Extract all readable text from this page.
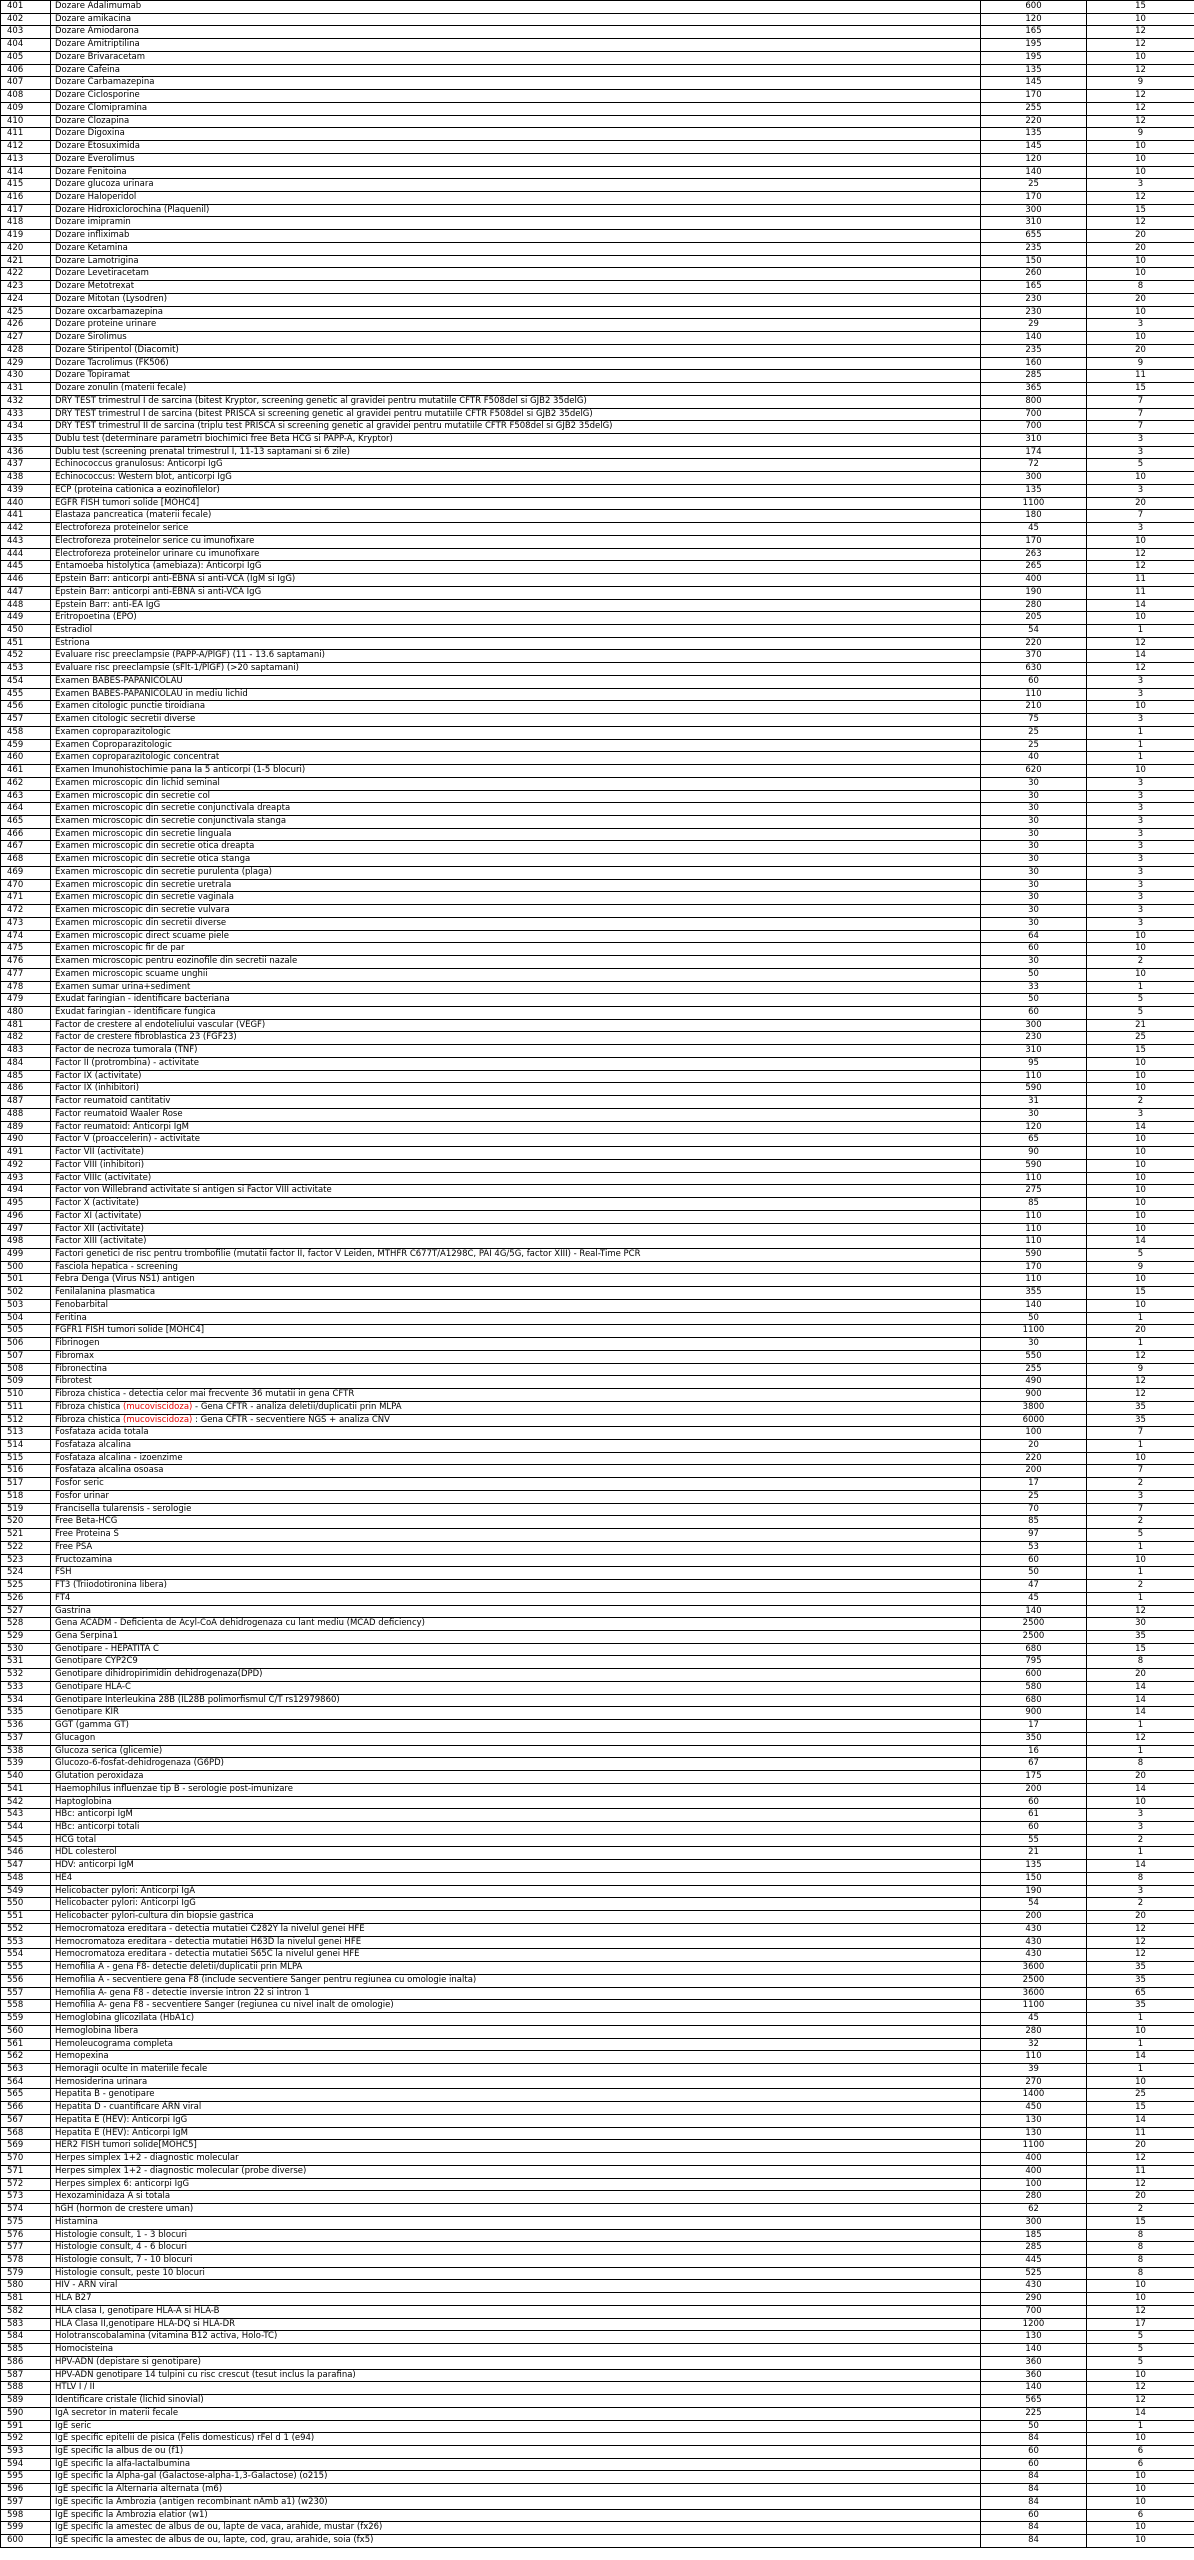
401	Dozare Adalimumab	600	15
402	Dozare amikacina	120	10
403	Dozare Amiodarona	165	12
404	Dozare Amitriptilina	195	12
405	Dozare Brivaracetam	195	10
406	Dozare Cafeina	135	12
407	Dozare Carbamazepina	145	9
408	Dozare Ciclosporine	170	12
409	Dozare Clomipramina	255	12
410	Dozare Clozapina	220	12
411	Dozare Digoxina	135	9
412	Dozare Etosuximida	145	10
413	Dozare Everolimus	120	10
414	Dozare Fenitoina	140	10
415	Dozare glucoza urinara	25	3
416	Dozare Haloperidol	170	12
417	Dozare Hidroxiclorochina (Plaquenil)	300	15
418	Dozare imipramin	310	12
419	Dozare infliximab	655	20
420	Dozare Ketamina	235	20
421	Dozare Lamotrigina	150	10
422	Dozare Levetiracetam	260	10
423	Dozare Metotrexat	165	8
424	Dozare Mitotan (Lysodren)	230	20
425	Dozare oxcarbamazepina	230	10
426	Dozare proteine urinare	29	3
427	Dozare Sirolimus	140	10
428	Dozare Stiripentol (Diacomit)	235	20
429	Dozare Tacrolimus (FK506)	160	9
430	Dozare Topiramat	285	11
431	Dozare zonulin (materii fecale)	365	15
432	DRY TEST trimestrul I de sarcina (bitest Kryptor, screening genetic al gravidei pentru mutatiile CFTR F508del si GJB2 35delG)	800	7
433	DRY TEST trimestrul I de sarcina (bitest PRISCA si screening genetic al gravidei pentru mutatiile CFTR F508del si GJB2 35delG)	700	7
434	DRY TEST trimestrul II de sarcina (triplu test PRISCA si screening genetic al gravidei pentru mutatiile CFTR F508del si GJB2 35delG)	700	7
435	Dublu test (determinare parametri biochimici free Beta HCG si PAPP-A, Kryptor)	310	3
436	Dublu test (screening prenatal trimestrul I, 11-13 saptamani si 6 zile)	174	3
437	Echinococcus granulosus: Anticorpi IgG	72	5
438	Echinococcus: Western blot, anticorpi IgG	300	10
439	ECP (proteina cationica a eozinofilelor)	135	3
440	EGFR FISH tumori solide [MOHC4]	1100	20
441	Elastaza pancreatica (materii fecale)	180	7
442	Electroforeza proteinelor serice	45	3
443	Electroforeza proteinelor serice cu imunofixare	170	10
444	Electroforeza proteinelor urinare cu imunofixare	263	12
445	Entamoeba histolytica (amebiaza): Anticorpi IgG	265	12
446	Epstein Barr: anticorpi anti-EBNA si anti-VCA (IgM si IgG)	400	11
447	Epstein Barr: anticorpi anti-EBNA si anti-VCA IgG	190	11
448	Epstein Barr: anti-EA IgG	280	14
449	Eritropoetina (EPO)	205	10
450	Estradiol	54	1
451	Estriona	220	12
452	Evaluare risc preeclampsie (PAPP-A/PlGF) (11 - 13.6 saptamani)	370	14
453	Evaluare risc preeclampsie (sFlt-1/PlGF) (>20 saptamani)	630	12
454	Examen BABES-PAPANICOLAU	60	3
455	Examen BABES-PAPANICOLAU in mediu lichid	110	3
456	Examen citologic punctie tiroidiana	210	10
457	Examen citologic secretii diverse	75	3
458	Examen coproparazitologic	25	1
459	Examen Coproparazitologic	25	1
460	Examen coproparazitologic concentrat	40	1
461	Examen Imunohistochimie pana la 5 anticorpi (1-5 blocuri)	620	10
462	Examen microscopic din lichid seminal	30	3
463	Examen microscopic din secretie col	30	3
464	Examen microscopic din secretie conjunctivala dreapta	30	3
465	Examen microscopic din secretie conjunctivala stanga	30	3
466	Examen microscopic din secretie linguala	30	3
467	Examen microscopic din secretie otica dreapta	30	3
468	Examen microscopic din secretie otica stanga	30	3
469	Examen microscopic din secretie purulenta (plaga)	30	3
470	Examen microscopic din secretie uretrala	30	3
471	Examen microscopic din secretie vaginala	30	3
472	Examen microscopic din secretie vulvara	30	3
473	Examen microscopic din secretii diverse	30	3
474	Examen microscopic direct scuame piele	64	10
475	Examen microscopic fir de par	60	10
476	Examen microscopic pentru eozinofile din secretii nazale	30	2
477	Examen microscopic scuame unghii	50	10
478	Examen sumar urina+sediment	33	1
479	Exudat faringian - identificare bacteriana	50	5
480	Exudat faringian - identificare fungica	60	5
481	Factor de crestere al endoteliului vascular (VEGF)	300	21
482	Factor de crestere fibroblastica 23 (FGF23)	230	25
483	Factor de necroza tumorala (TNF)	310	15
484	Factor II (protrombina) - activitate	95	10
485	Factor IX (activitate)	110	10
486	Factor IX (inhibitori)	590	10
487	Factor reumatoid cantitativ	31	2
488	Factor reumatoid Waaler Rose	30	3
489	Factor reumatoid: Anticorpi IgM	120	14
490	Factor V (proaccelerin) - activitate	65	10
491	Factor VII (activitate)	90	10
492	Factor VIII (inhibitori)	590	10
493	Factor VIIIc (activitate)	110	10
494	Factor von Willebrand activitate si antigen si Factor VIII activitate	275	10
495	Factor X (activitate)	85	10
496	Factor XI (activitate)	110	10
497	Factor XII (activitate)	110	10
498	Factor XIII (activitate)	110	14
499	Factori genetici de risc pentru trombofilie (mutatii factor II, factor V Leiden, MTHFR C677T/A1298C, PAI 4G/5G, factor XIII) - Real-Time PCR	590	5
500	Fasciola hepatica - screening	170	9
501	Febra Denga (Virus NS1) antigen	110	10
502	Fenilalanina plasmatica	355	15
503	Fenobarbital	140	10
504	Feritina	50	1
505	FGFR1 FISH tumori solide [MOHC4]	1100	20
506	Fibrinogen	30	1
507	Fibromax	550	12
508	Fibronectina	255	9
509	Fibrotest	490	12
510	Fibroza chistica - detectia celor mai frecvente 36 mutatii in gena CFTR	900	12
511	Fibroza chistica (mucoviscidoza) - Gena CFTR - analiza deletii/duplicatii prin MLPA	3800	35
512	Fibroza chistica (mucoviscidoza) : Gena CFTR - secventiere NGS + analiza CNV	6000	35
513	Fosfataza acida totala	100	7
514	Fosfataza alcalina	20	1
515	Fosfataza alcalina - izoenzime	220	10
516	Fosfataza alcalina osoasa	200	7
517	Fosfor seric	17	2
518	Fosfor urinar	25	3
519	Francisella tularensis - serologie	70	7
520	Free Beta-HCG	85	2
521	Free Proteina S	97	5
522	Free PSA	53	1
523	Fructozamina	60	10
524	FSH	50	1
525	FT3 (Triiodotironina libera)	47	2
526	FT4	45	1
527	Gastrina	140	12
528	Gena ACADM - Deficienta de Acyl-CoA dehidrogenaza cu lant mediu (MCAD deficiency)	2500	30
529	Gena Serpina1	2500	35
530	Genotipare - HEPATITA C	680	15
531	Genotipare CYP2C9	795	8
532	Genotipare dihidropirimidin dehidrogenaza(DPD)	600	20
533	Genotipare HLA-C	580	14
534	Genotipare Interleukina 28B (IL28B polimorfismul C/T rs12979860)	680	14
535	Genotipare KIR	900	14
536	GGT (gamma GT)	17	1
537	Glucagon	350	12
538	Glucoza serica (glicemie)	16	1
539	Glucozo-6-fosfat-dehidrogenaza (G6PD)	67	8
540	Glutation peroxidaza	175	20
541	Haemophilus influenzae tip B - serologie post-imunizare	200	14
542	Haptoglobina	60	10
543	HBc: anticorpi IgM	61	3
544	HBc: anticorpi totali	60	3
545	HCG total	55	2
546	HDL colesterol	21	1
547	HDV: anticorpi IgM	135	14
548	HE4	150	8
549	Helicobacter pylori: Anticorpi IgA	190	3
550	Helicobacter pylori: Anticorpi IgG	54	2
551	Helicobacter pylori-cultura din biopsie gastrica	200	20
552	Hemocromatoza ereditara - detectia mutatiei C282Y la nivelul genei HFE	430	12
553	Hemocromatoza ereditara - detectia mutatiei H63D la nivelul genei HFE	430	12
554	Hemocromatoza ereditara - detectia mutatiei S65C la nivelul genei HFE	430	12
555	Hemofilia A - gena F8- detectie deletii/duplicatii prin MLPA	3600	35
556	Hemofilia A - secventiere gena F8 (include secventiere Sanger pentru regiunea cu omologie inalta)	2500	35
557	Hemofilia A- gena F8 - detectie inversie intron 22 si intron 1	3600	65
558	Hemofilia A- gena F8 - secventiere Sanger (regiunea cu nivel inalt de omologie)	1100	35
559	Hemoglobina glicozilata (HbA1c)	45	1
560	Hemoglobina libera	280	10
561	Hemoleucograma completa	32	1
562	Hemopexina	110	14
563	Hemoragii oculte in materiile fecale	39	1
564	Hemosiderina urinara	270	10
565	Hepatita B - genotipare	1400	25
566	Hepatita D - cuantificare ARN viral	450	15
567	Hepatita E (HEV): Anticorpi IgG	130	14
568	Hepatita E (HEV): Anticorpi IgM	130	11
569	HER2 FISH tumori solide[MOHC5]	1100	20
570	Herpes simplex 1+2 - diagnostic molecular	400	12
571	Herpes simplex 1+2 - diagnostic molecular (probe diverse)	400	11
572	Herpes simplex 6: anticorpi IgG	100	12
573	Hexozaminidaza A si totala	280	20
574	hGH (hormon de crestere uman)	62	2
575	Histamina	300	15
576	Histologie consult, 1 - 3 blocuri	185	8
577	Histologie consult, 4 - 6 blocuri	285	8
578	Histologie consult, 7 - 10 blocuri	445	8
579	Histologie consult, peste 10 blocuri	525	8
580	HIV - ARN viral	430	10
581	HLA B27	290	10
582	HLA clasa I, genotipare HLA-A si HLA-B	700	12
583	HLA Clasa II,genotipare HLA-DQ si HLA-DR	1200	17
584	Holotranscobalamina (vitamina B12 activa, Holo-TC)	130	5
585	Homocisteina	140	5
586	HPV-ADN (depistare si genotipare)	360	5
587	HPV-ADN genotipare 14 tulpini cu risc crescut (tesut inclus la parafina)	360	10
588	HTLV I / II	140	12
589	Identificare cristale (lichid sinovial)	565	12
590	IgA secretor in materii fecale	225	14
591	IgE seric	50	1
592	IgE specific epitelii de pisica (Felis domesticus) rFel d 1 (e94)	84	10
593	IgE specific la albus de ou (f1)	60	6
594	IgE specific la alfa-lactalbumina	60	6
595	IgE specific la Alpha-gal (Galactose-alpha-1,3-Galactose) (o215)	84	10
596	IgE specific la Alternaria alternata (m6)	84	10
597	IgE specific la Ambrozia (antigen recombinant nAmb a1) (w230)	84	10
598	IgE specific la Ambrozia elatior (w1)	60	6
599	IgE specific la amestec de albus de ou, lapte de vaca, arahide, mustar (fx26)	84	10
600	IgE specific la amestec de albus de ou, lapte, cod, grau, arahide, soia (fx5)	84	10
